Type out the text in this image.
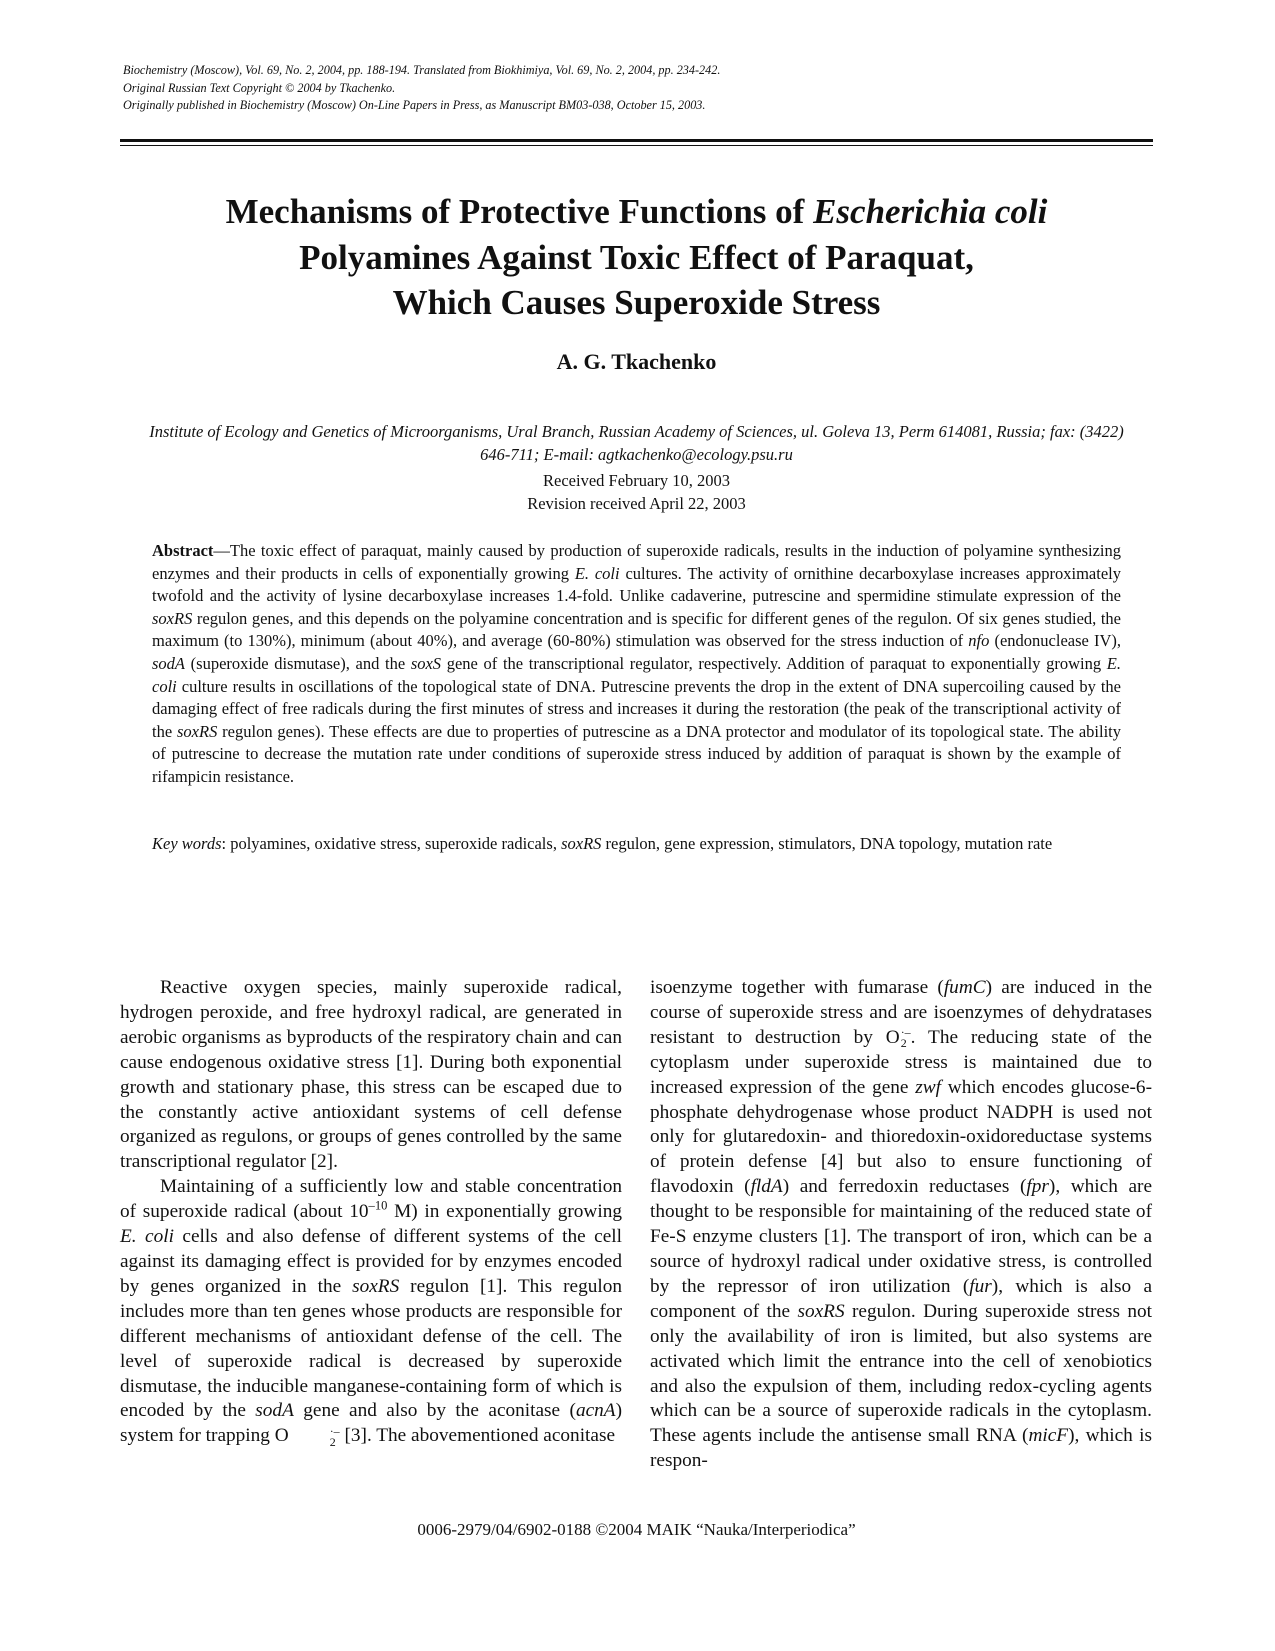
Biochemistry (Moscow), Vol. 69, No. 2, 2004, pp. 188-194. Translated from Biokhimiya, Vol. 69, No. 2, 2004, pp. 234-242.
Original Russian Text Copyright © 2004 by Tkachenko.
Originally published in Biochemistry (Moscow) On-Line Papers in Press, as Manuscript BM03-038, October 15, 2003.
Mechanisms of Protective Functions of Escherichia coli
Polyamines Against Toxic Effect of Paraquat,
Which Causes Superoxide Stress
A. G. Tkachenko
Institute of Ecology and Genetics of Microorganisms, Ural Branch, Russian Academy of Sciences, ul. Goleva 13, Perm 614081, Russia; fax: (3422) 646-711; E-mail: agtkachenko@ecology.psu.ru
Received February 10, 2003
Revision received April 22, 2003
Abstract—The toxic effect of paraquat, mainly caused by production of superoxide radicals, results in the induction of polyamine synthesizing enzymes and their products in cells of exponentially growing E. coli cultures. The activity of ornithine decarboxylase increases approximately twofold and the activity of lysine decarboxylase increases 1.4-fold. Unlike cadaverine, putrescine and spermidine stimulate expression of the soxRS regulon genes, and this depends on the polyamine concentration and is specific for different genes of the regulon. Of six genes studied, the maximum (to 130%), minimum (about 40%), and average (60-80%) stimulation was observed for the stress induction of nfo (endonuclease IV), sodA (superoxide dismutase), and the soxS gene of the transcriptional regulator, respectively. Addition of paraquat to exponentially growing E. coli culture results in oscillations of the topological state of DNA. Putrescine prevents the drop in the extent of DNA supercoiling caused by the damaging effect of free radicals during the first minutes of stress and increases it during the restoration (the peak of the transcriptional activity of the soxRS regulon genes). These effects are due to properties of putrescine as a DNA protector and modulator of its topological state. The ability of putrescine to decrease the mutation rate under conditions of superoxide stress induced by addition of paraquat is shown by the example of rifampicin resistance.
Key words: polyamines, oxidative stress, superoxide radicals, soxRS regulon, gene expression, stimulators, DNA topology, mutation rate

Reactive oxygen species, mainly superoxide radical, hydrogen peroxide, and free hydroxyl radical, are generated in aerobic organisms as byproducts of the respiratory chain and can cause endogenous oxidative stress [1]. During both exponential growth and stationary phase, this stress can be escaped due to the constantly active antioxidant systems of cell defense organized as regulons, or groups of genes controlled by the same transcriptional regulator [2].

Maintaining of a sufficiently low and stable concentration of superoxide radical (about $10^{-10}$ M) in exponentially growing E. coli cells and also defense of different systems of the cell against its damaging effect is provided for by enzymes encoded by genes organized in the soxRS regulon [1]. This regulon includes more than ten genes whose products are responsible for different mechanisms of antioxidant defense of the cell. The level of superoxide radical is decreased by superoxide dismutase, the inducible manganese-containing form of which is encoded by the sodA gene and also by the aconitase (acnA) system for trapping O	·–
2 [3]. The abovementioned aconitase

isoenzyme together with fumarase (fumC) are induced in the course of superoxide stress and are isoenzymes of dehydratases resistant to destruction by O ·–
2 . The reducing state of the cytoplasm under superoxide stress is maintained due to increased expression of the gene zwf which encodes glucose-6-phosphate dehydrogenase whose product NADPH is used not only for glutaredoxin- and thioredoxin-oxidoreductase systems of protein defense [4] but also to ensure functioning of flavodoxin (fldA) and ferredoxin reductases (fpr), which are thought to be responsible for maintaining of the reduced state of Fe-S enzyme clusters [1]. The transport of iron, which can be a source of hydroxyl radical under oxidative stress, is controlled by the repressor of iron utilization (fur), which is also a component of the soxRS regulon. During superoxide stress not only the availability of iron is limited, but also systems are activated which limit the entrance into the cell of xenobiotics and also the expulsion of them, including redox-cycling agents which can be a source of superoxide radicals in the cytoplasm. These agents include the antisense small RNA (micF), which is respon-

0006-2979/04/6902-0188 ©2004 MAIK “Nauka/Interperiodica”
